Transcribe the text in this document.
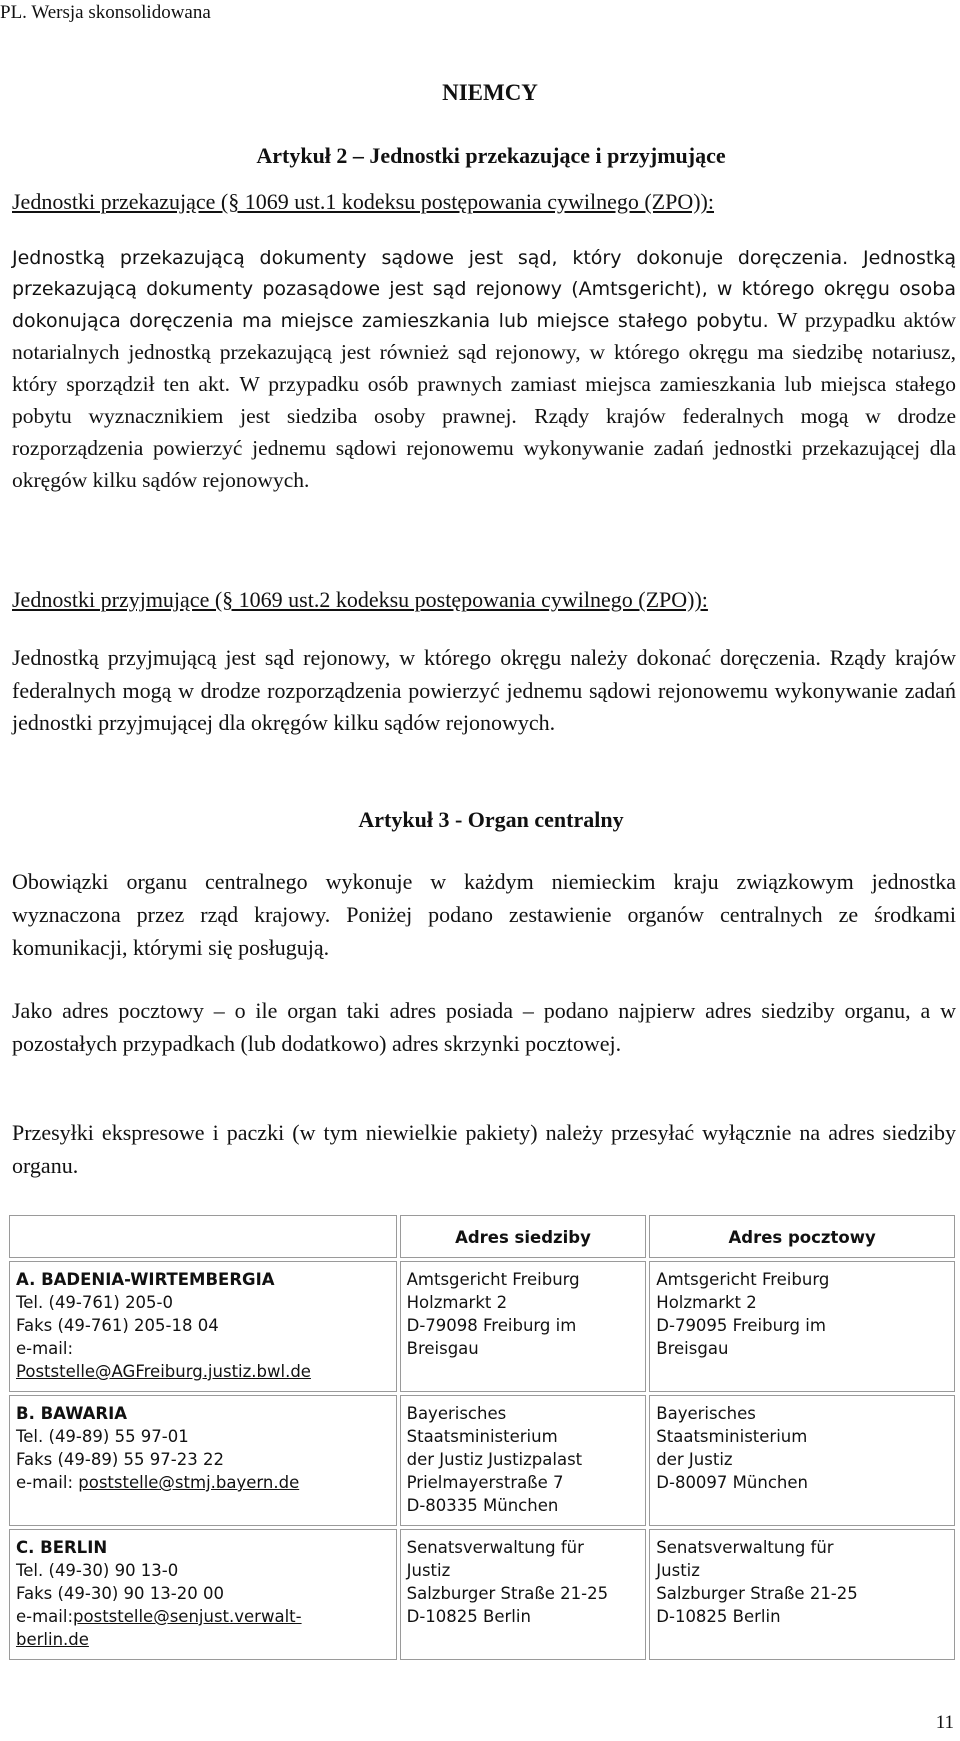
PL. Wersja skonsolidowana
NIEMCY
Artykuł 2 – Jednostki przekazujące i przyjmujące
Jednostki przekazujące (§ 1069 ust.1 kodeksu postępowania cywilnego (ZPO)):
Jednostką przekazującą dokumenty sądowe jest sąd, który dokonuje doręczenia. Jednostką przekazującą dokumenty pozasądowe jest sąd rejonowy (Amtsgericht), w którego okręgu osoba dokonująca doręczenia ma miejsce zamieszkania lub miejsce stałego pobytu. W przypadku aktów notarialnych jednostką przekazującą jest również sąd rejonowy, w którego okręgu ma siedzibę notariusz, który sporządził ten akt. W przypadku osób prawnych zamiast miejsca zamieszkania lub miejsca stałego pobytu wyznacznikiem jest siedziba osoby prawnej. Rządy krajów federalnych mogą w drodze rozporządzenia powierzyć jednemu sądowi rejonowemu wykonywanie zadań jednostki przekazującej dla okręgów kilku sądów rejonowych.
Jednostki przyjmujące (§ 1069 ust.2 kodeksu postępowania cywilnego (ZPO)):
Jednostką przyjmującą jest sąd rejonowy, w którego okręgu należy dokonać doręczenia. Rządy krajów federalnych mogą w drodze rozporządzenia powierzyć jednemu sądowi rejonowemu wykonywanie zadań jednostki przyjmującej dla okręgów kilku sądów rejonowych.
Artykuł 3 - Organ centralny
Obowiązki organu centralnego wykonuje w każdym niemieckim kraju związkowym jednostka wyznaczona przez rząd krajowy. Poniżej podano zestawienie organów centralnych ze środkami komunikacji, którymi się posługują.
Jako adres pocztowy – o ile organ taki adres posiada – podano najpierw adres siedziby organu, a w pozostałych przypadkach (lub dodatkowo) adres skrzynki pocztowej.
Przesyłki ekspresowe i paczki (w tym niewielkie pakiety) należy przesyłać wyłącznie na adres siedziby organu.
	Adres siedziby	Adres pocztowy

A. BADENIA-WIRTEMBERGIA
Tel. (49-761) 205-0
Faks (49-761) 205-18 04
e-mail:
Poststelle@AGFreiburg.justiz.bwl.de	Amtsgericht Freiburg
Holzmarkt 2
D-79098 Freiburg im Breisgau	Amtsgericht Freiburg
Holzmarkt 2
D-79095 Freiburg im Breisgau

B. BAWARIA
Tel. (49-89) 55 97-01
Faks (49-89) 55 97-23 22
e-mail: poststelle@stmj.bayern.de	Bayerisches Staatsministerium
der Justiz Justizpalast
Prielmayerstraße 7
D-80335 München	Bayerisches Staatsministerium
der Justiz
D-80097 München

C. BERLIN
Tel. (49-30) 90 13-0
Faks (49-30) 90 13-20 00
e-mail:poststelle@senjust.verwalt-berlin.de	Senatsverwaltung für Justiz
Salzburger Straße 21-25
D-10825 Berlin	Senatsverwaltung für Justiz
Salzburger Straße 21-25
D-10825 Berlin
11
